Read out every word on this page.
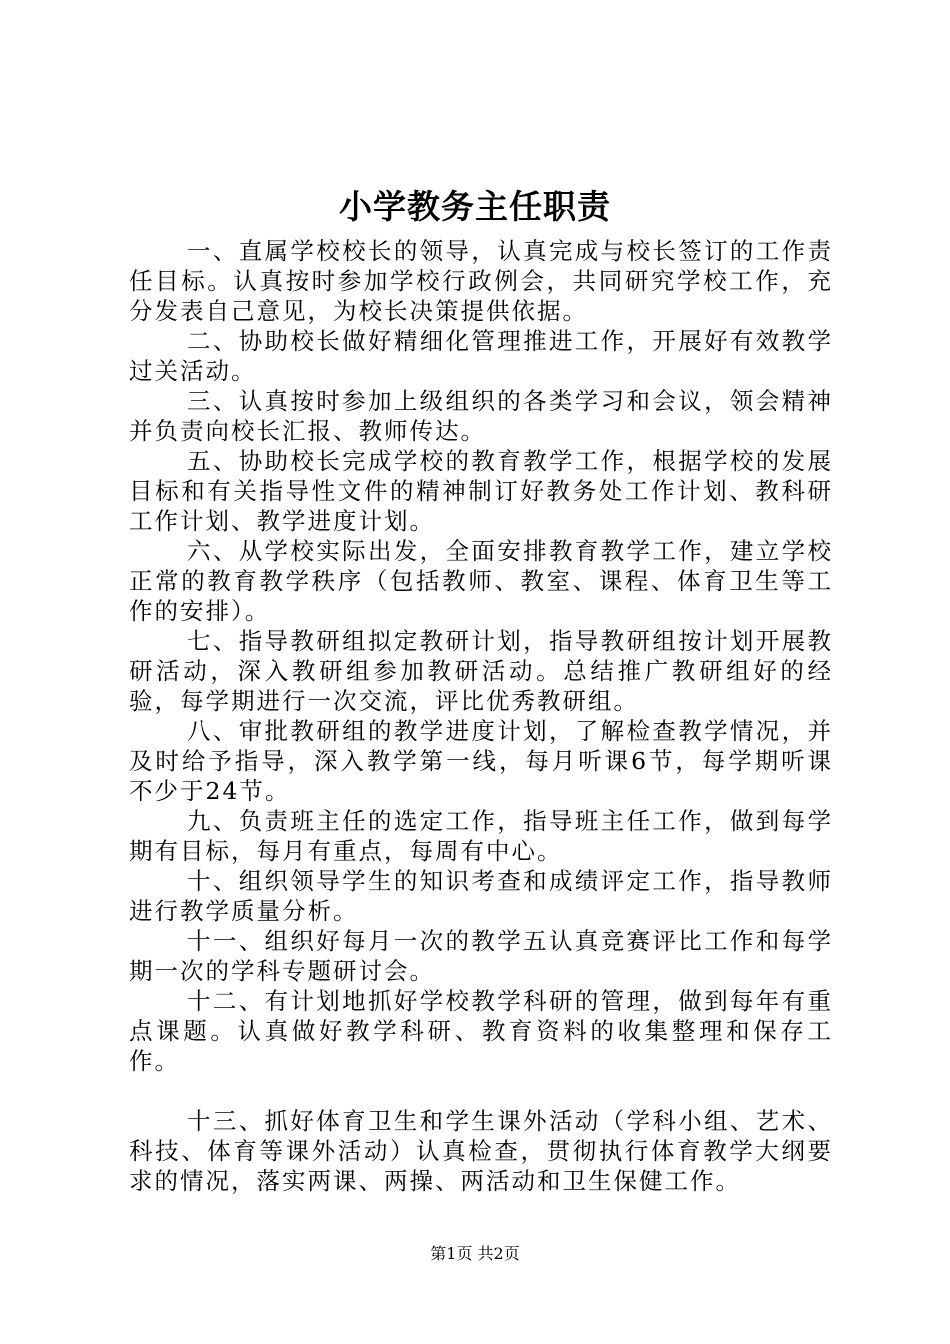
小学教务主任职责

一、直属学校校长的领导，认真完成与校长签订的工作责任目标。认真按时参加学校行政例会，共同研究学校工作，充分发表自己意见，为校长决策提供依据。

二、协助校长做好精细化管理推进工作，开展好有效教学过关活动。

三、认真按时参加上级组织的各类学习和会议，领会精神并负责向校长汇报、教师传达。

五、协助校长完成学校的教育教学工作，根据学校的发展目标和有关指导性文件的精神制订好教务处工作计划、教科研工作计划、教学进度计划。

六、从学校实际出发，全面安排教育教学工作，建立学校正常的教育教学秩序（包括教师、教室、课程、体育卫生等工作的安排）。

七、指导教研组拟定教研计划，指导教研组按计划开展教研活动，深入教研组参加教研活动。总结推广教研组好的经验，每学期进行一次交流，评比优秀教研组。

八、审批教研组的教学进度计划，了解检查教学情况，并及时给予指导，深入教学第一线，每月听课6节，每学期听课不少于24节。

九、负责班主任的选定工作，指导班主任工作，做到每学期有目标，每月有重点，每周有中心。

十、组织领导学生的知识考查和成绩评定工作，指导教师进行教学质量分析。

十一、组织好每月一次的教学五认真竞赛评比工作和每学期一次的学科专题研讨会。

十二、有计划地抓好学校教学科研的管理，做到每年有重点课题。认真做好教学科研、教育资料的收集整理和保存工作。

十三、抓好体育卫生和学生课外活动（学科小组、艺术、科技、体育等课外活动）认真检查，贯彻执行体育教学大纲要求的情况，落实两课、两操、两活动和卫生保健工作。

第1页 共2页
